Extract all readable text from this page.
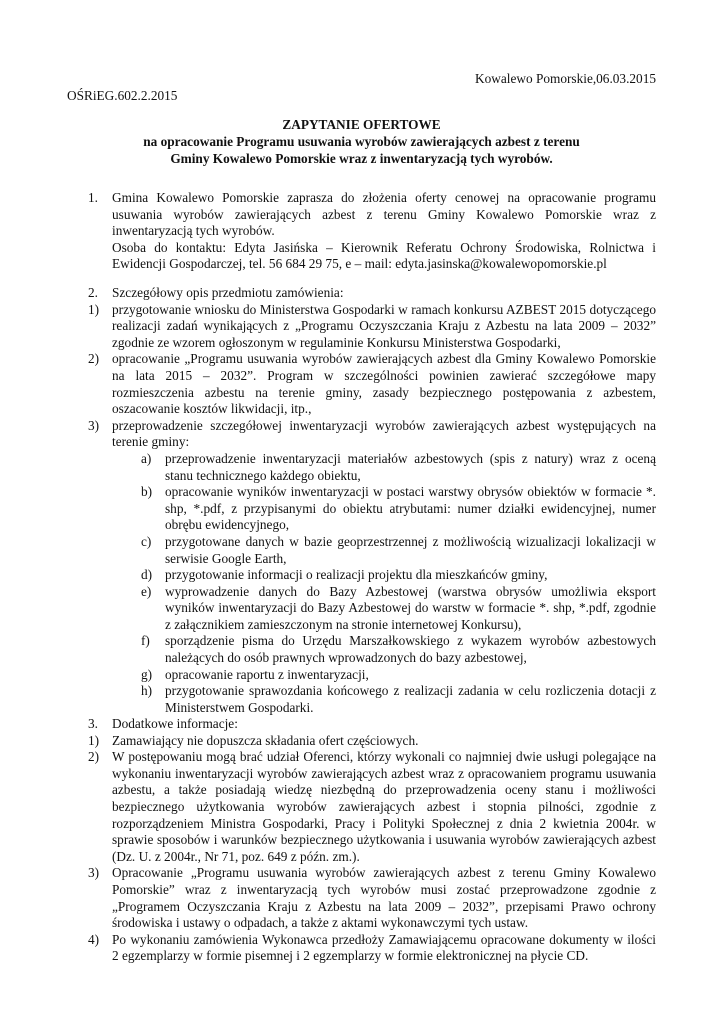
Kowalewo Pomorskie,06.03.2015
OŚRiEG.602.2.2015
ZAPYTANIE OFERTOWE
na opracowanie Programu usuwania wyrobów zawierających azbest z terenu
Gminy Kowalewo Pomorskie wraz z inwentaryzacją tych wyrobów.
1. Gmina Kowalewo Pomorskie zaprasza do złożenia oferty cenowej na opracowanie programu usuwania wyrobów zawierających azbest z terenu Gminy Kowalewo Pomorskie wraz z inwentaryzacją tych wyrobów.

Osoba do kontaktu: Edyta Jasińska – Kierownik Referatu Ochrony Środowiska, Rolnictwa i Ewidencji Gospodarczej, tel. 56 684 29 75, e – mail: edyta.jasinska@kowalewopomorskie.pl

2. Szczegółowy opis przedmiotu zamówienia:

1) przygotowanie wniosku do Ministerstwa Gospodarki w ramach konkursu AZBEST 2015 dotyczącego realizacji zadań wynikających z „Programu Oczyszczania Kraju z Azbestu na lata 2009 – 2032” zgodnie ze wzorem ogłoszonym w regulaminie Konkursu Ministerstwa Gospodarki,
2) opracowanie „Programu usuwania wyrobów zawierających azbest dla Gminy Kowalewo Pomorskie na lata 2015 – 2032”. Program w szczególności powinien zawierać szczegółowe mapy rozmieszczenia azbestu na terenie gminy, zasady bezpiecznego postępowania z azbestem, oszacowanie kosztów likwidacji, itp.,
3) przeprowadzenie szczegółowej inwentaryzacji wyrobów zawierających azbest występujących na terenie gminy:
a) przeprowadzenie inwentaryzacji materiałów azbestowych (spis z natury) wraz z oceną stanu technicznego każdego obiektu,
b) opracowanie wyników inwentaryzacji w postaci warstwy obrysów obiektów w formacie *. shp, *.pdf, z przypisanymi do obiektu atrybutami: numer działki ewidencyjnej, numer obrębu ewidencyjnego,
c) przygotowane danych w bazie geoprzestrzennej z możliwością wizualizacji lokalizacji w serwisie Google Earth,
d) przygotowanie informacji o realizacji projektu dla mieszkańców gminy,
e) wyprowadzenie danych do Bazy Azbestowej (warstwa obrysów umożliwia eksport wyników inwentaryzacji do Bazy Azbestowej do warstw w formacie *. shp, *.pdf, zgodnie z załącznikiem zamieszczonym na stronie internetowej Konkursu),
f) sporządzenie pisma do Urzędu Marszałkowskiego z wykazem wyrobów azbestowych należących do osób prawnych wprowadzonych do bazy azbestowej,
g) opracowanie raportu z inwentaryzacji,
h) przygotowanie sprawozdania końcowego z realizacji zadania w celu rozliczenia dotacji z Ministerstwem Gospodarki.
3. Dodatkowe informacje:

1) Zamawiający nie dopuszcza składania ofert częściowych.
2) W postępowaniu mogą brać udział Oferenci, którzy wykonali co najmniej dwie usługi polegające na wykonaniu inwentaryzacji wyrobów zawierających azbest wraz z opracowaniem programu usuwania azbestu, a także posiadają wiedzę niezbędną do przeprowadzenia oceny stanu i możliwości bezpiecznego użytkowania wyrobów zawierających azbest i stopnia pilności, zgodnie z rozporządzeniem Ministra Gospodarki, Pracy i Polityki Społecznej z dnia 2 kwietnia 2004r. w sprawie sposobów i warunków bezpiecznego użytkowania i usuwania wyrobów zawierających azbest (Dz. U. z 2004r., Nr 71, poz. 649 z późn. zm.).
3) Opracowanie „Programu usuwania wyrobów zawierających azbest z terenu Gminy Kowalewo Pomorskie” wraz z inwentaryzacją tych wyrobów musi zostać przeprowadzone zgodnie z „Programem Oczyszczania Kraju z Azbestu na lata 2009 – 2032”, przepisami Prawo ochrony środowiska i ustawy o odpadach, a także z aktami wykonawczymi tych ustaw.
4) Po wykonaniu zamówienia Wykonawca przedłoży Zamawiającemu opracowane dokumenty w ilości 2 egzemplarzy w formie pisemnej i 2 egzemplarzy w formie elektronicznej na płycie CD.
